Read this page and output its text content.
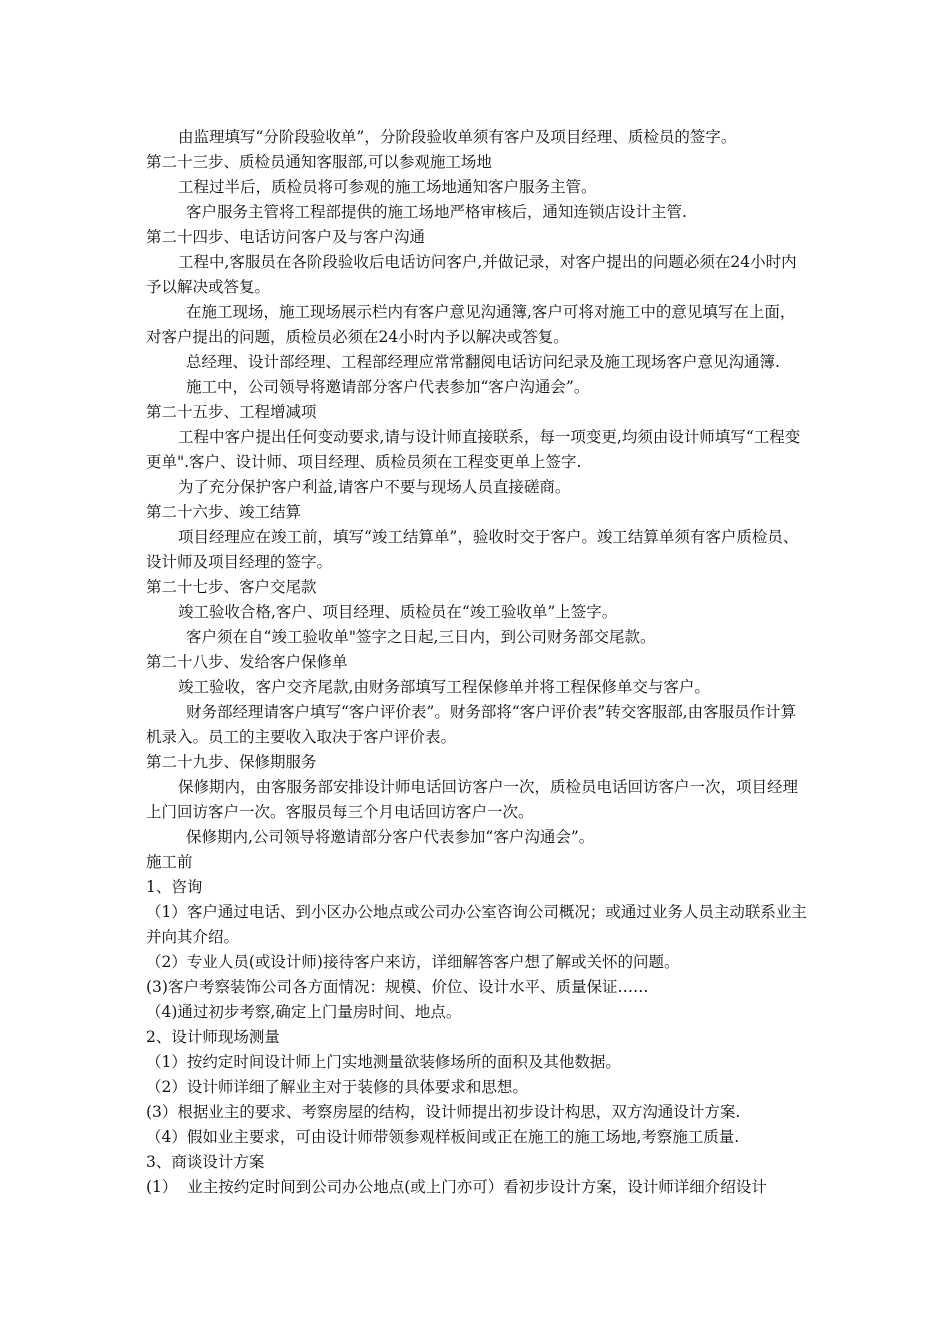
由监理填写“分阶段验收单”，分阶段验收单须有客户及项目经理、质检员的签字。

第二十三步、质检员通知客服部,可以参观施工场地

工程过半后，质检员将可参观的施工场地通知客户服务主管。

客户服务主管将工程部提供的施工场地严格审核后，通知连锁店设计主管.

第二十四步、电话访问客户及与客户沟通

工程中,客服员在各阶段验收后电话访问客户,并做记录，对客户提出的问题必须在24小时内予以解决或答复。

在施工现场，施工现场展示栏内有客户意见沟通簿,客户可将对施工中的意见填写在上面，对客户提出的问题，质检员必须在24小时内予以解决或答复。

总经理、设计部经理、工程部经理应常常翻阅电话访问纪录及施工现场客户意见沟通簿.

施工中，公司领导将邀请部分客户代表参加“客户沟通会”。

第二十五步、工程增减项

工程中客户提出任何变动要求,请与设计师直接联系，每一项变更,均须由设计师填写“工程变更单".客户、设计师、项目经理、质检员须在工程变更单上签字.

为了充分保护客户利益,请客户不要与现场人员直接磋商。

第二十六步、竣工结算

项目经理应在竣工前，填写“竣工结算单”，验收时交于客户。竣工结算单须有客户质检员、设计师及项目经理的签字。

第二十七步、客户交尾款

竣工验收合格,客户、项目经理、质检员在“竣工验收单”上签字。

客户须在自“竣工验收单"签字之日起,三日内，到公司财务部交尾款。

第二十八步、发给客户保修单

竣工验收，客户交齐尾款,由财务部填写工程保修单并将工程保修单交与客户。

财务部经理请客户填写“客户评价表”。财务部将“客户评价表”转交客服部,由客服员作计算机录入。员工的主要收入取决于客户评价表。

第二十九步、保修期服务

保修期内，由客服务部安排设计师电话回访客户一次，质检员电话回访客户一次，项目经理上门回访客户一次。客服员每三个月电话回访客户一次。

保修期内,公司领导将邀请部分客户代表参加“客户沟通会”。

施工前

1、咨询

（1）客户通过电话、到小区办公地点或公司办公室咨询公司概况；或通过业务人员主动联系业主并向其介绍。

（2）专业人员(或设计师)接待客户来访，详细解答客户想了解或关怀的问题。

(3)客户考察装饰公司各方面情况：规模、价位、设计水平、质量保证……

（4)通过初步考察,确定上门量房时间、地点。

2、设计师现场测量

（1）按约定时间设计师上门实地测量欲装修场所的面积及其他数据。

（2）设计师详细了解业主对于装修的具体要求和思想。

(3）根据业主的要求、考察房屋的结构，设计师提出初步设计构思，双方沟通设计方案.

（4）假如业主要求，可由设计师带领参观样板间或正在施工的施工场地,考察施工质量.

3、商谈设计方案

(1）  业主按约定时间到公司办公地点(或上门亦可）看初步设计方案，设计师详细介绍设计
